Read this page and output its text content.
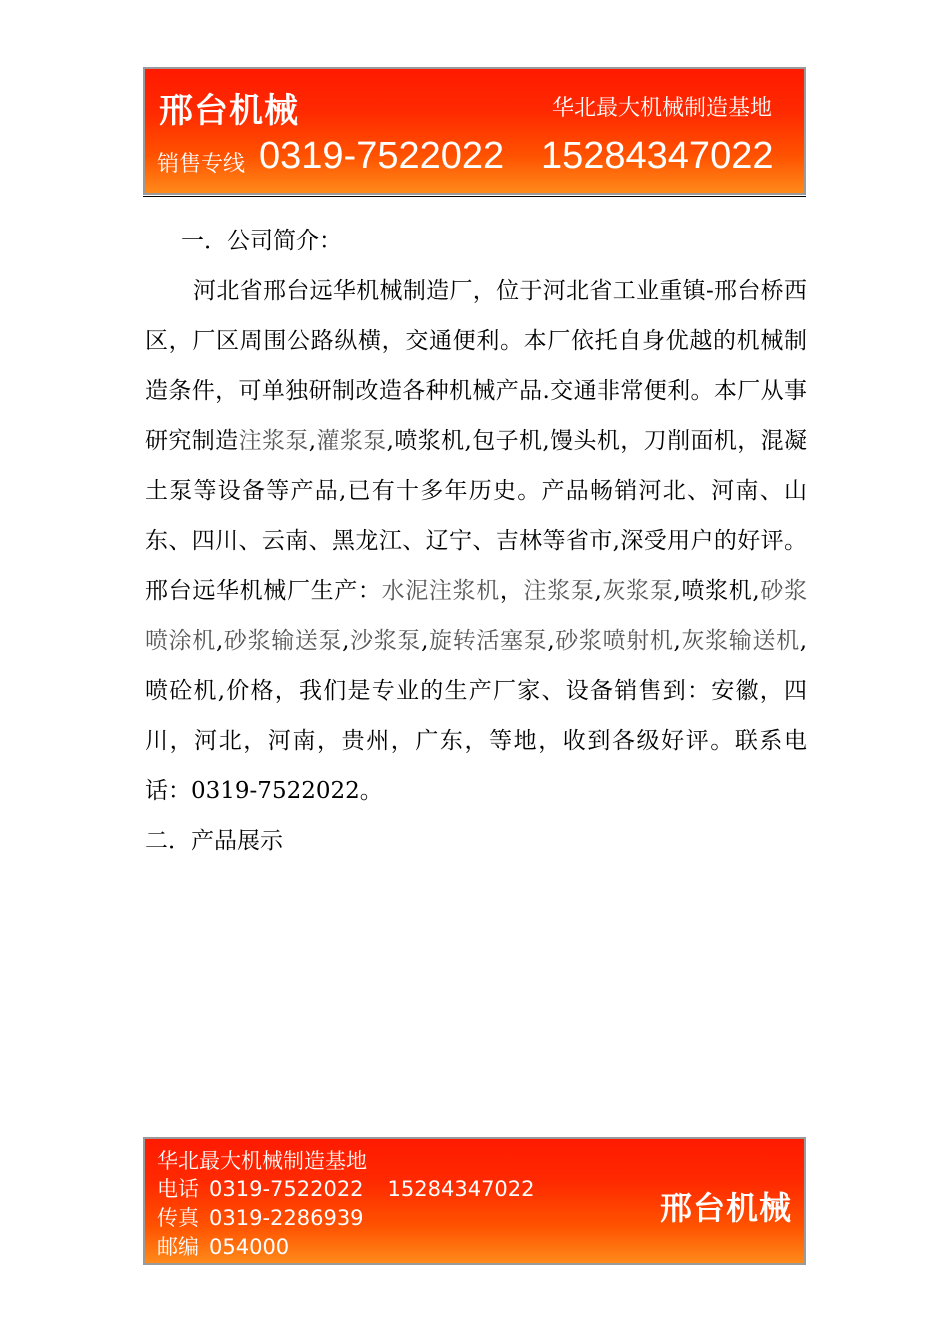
邢台机械	华北最大机械制造基地
销售专线 0319-7522022 15284347022

一．公司简介：

河北省邢台远华机械制造厂，位于河北省工业重镇-邢台桥西区，厂区周围公路纵横，交通便利。本厂依托自身优越的机械制造条件，可单独研制改造各种机械产品.交通非常便利。本厂从事研究制造注浆泵,灌浆泵,喷浆机,包子机,馒头机，刀削面机，混凝土泵等设备等产品,已有十多年历史。产品畅销河北、河南、山东、四川、云南、黑龙江、辽宁、吉林等省市,深受用户的好评。邢台远华机械厂生产：水泥注浆机，注浆泵,灰浆泵,喷浆机,砂浆喷涂机,砂浆输送泵,沙浆泵,旋转活塞泵,砂浆喷射机,灰浆输送机,喷砼机,价格，我们是专业的生产厂家、设备销售到：安徽，四川，河北，河南，贵州，广东，等地，收到各级好评。联系电话：0319-7522022。

二．产品展示

华北最大机械制造基地
电话 0319-7522022 15284347022
传真 0319-2286939
邮编 054000
邢台机械
